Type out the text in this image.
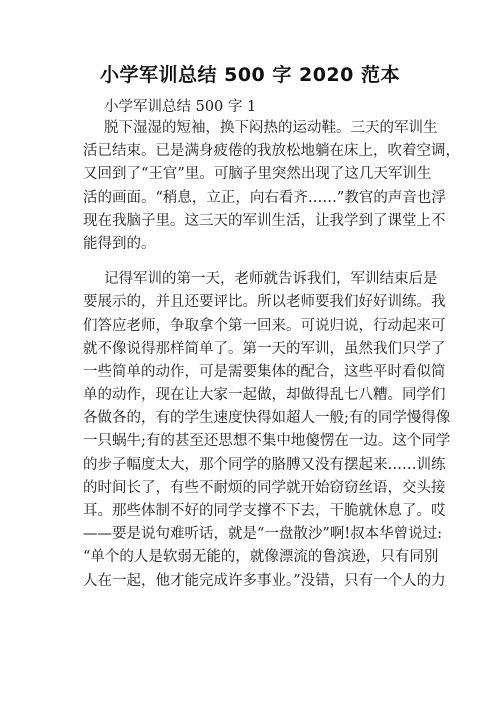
小学军训总结 500 字 2020 范本
小学军训总结 500 字 1
脱下湿湿的短袖，换下闷热的运动鞋。三天的军训生
活已结束。已是满身疲倦的我放松地躺在床上，吹着空调，
又回到了“王官”里。可脑子里突然出现了这几天军训生
活的画面。“稍息，立正，向右看齐……”教官的声音也浮
现在我脑子里。这三天的军训生活，让我学到了课堂上不
能得到的。
记得军训的第一天，老师就告诉我们，军训结束后是
要展示的，并且还要评比。所以老师要我们好好训练。我
们答应老师，争取拿个第一回来。可说归说，行动起来可
就不像说得那样简单了。第一天的军训，虽然我们只学了
一些简单的动作，可是需要集体的配合，这些平时看似简
单的动作，现在让大家一起做，却做得乱七八糟。同学们
各做各的，有的学生速度快得如超人一般;有的同学慢得像
一只蜗牛;有的甚至还思想不集中地傻愣在一边。这个同学
的步子幅度太大，那个同学的胳膊又没有摆起来……训练
的时间长了，有些不耐烦的同学就开始窃窃丝语，交头接
耳。那些体制不好的同学支撑不下去，干脆就休息了。哎
——要是说句难听话，就是“一盘散沙”啊!叔本华曾说过:
“单个的人是软弱无能的，就像漂流的鲁滨逊，只有同别
人在一起，他才能完成许多事业。”没错，只有一个人的力
